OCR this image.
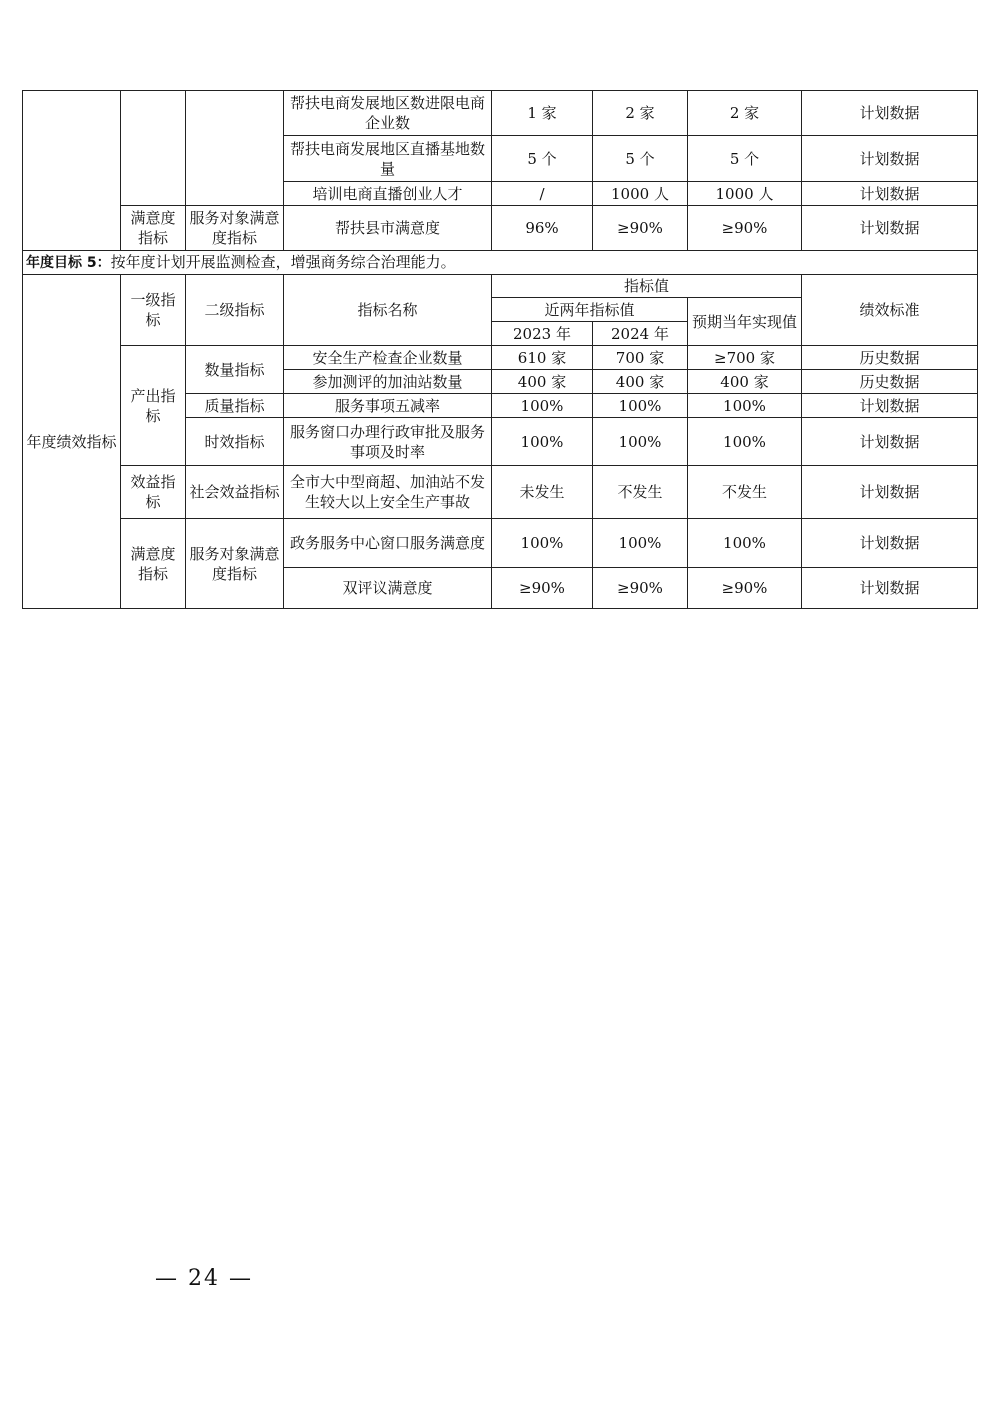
			帮扶电商发展地区数进限电商企业数	1 家	2 家	2 家	计划数据
			帮扶电商发展地区直播基地数量	5 个	5 个	5 个	计划数据
			培训电商直播创业人才	/	1000 人	1000 人	计划数据

	满意度指标	服务对象满意度指标	帮扶县市满意度	96%	≥90%	≥90%	计划数据
年度目标 5：按年度计划开展监测检查，增强商务综合治理能力。							
年度绩效指标	一级指标	二级指标	指标名称	指标值			绩效标准
				近两年指标值		预期当年实现值	
				2023 年	2024 年		
	产出指标	数量指标	安全生产检查企业数量	610 家	700 家	≥700 家	历史数据
			参加测评的加油站数量	400 家	400 家	400 家	历史数据
		质量指标	服务事项五减率	100%	100%	100%	计划数据
		时效指标	服务窗口办理行政审批及服务事项及时率	100%	100%	100%	计划数据
	效益指标	社会效益指标	全市大中型商超、加油站不发生较大以上安全生产事故	未发生	不发生	不发生	计划数据
	满意度指标	服务对象满意度指标	政务服务中心窗口服务满意度	100%	100%	100%	计划数据
			双评议满意度	≥90%	≥90%	≥90%	计划数据
— 24 —
